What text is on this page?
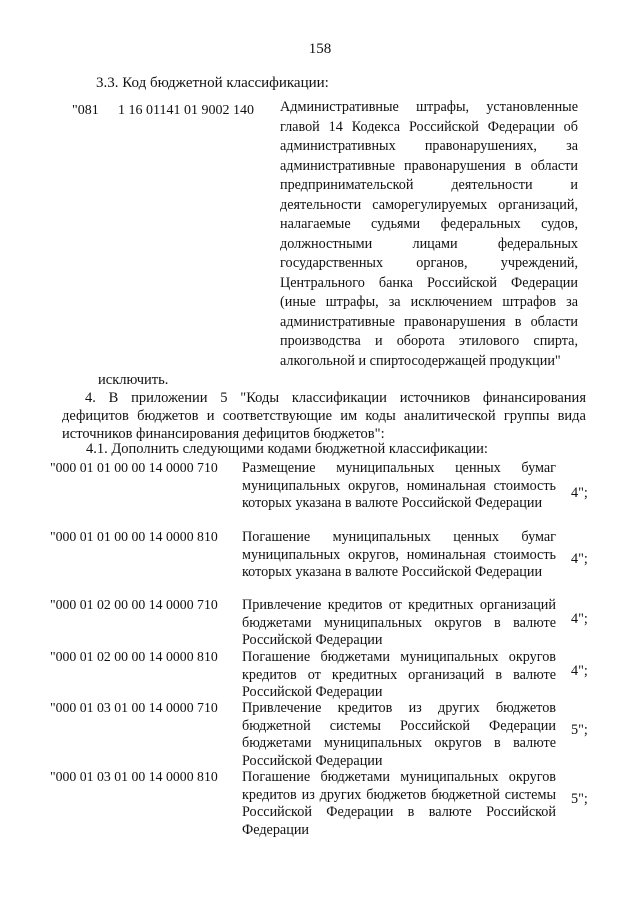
158
3.3. Код бюджетной классификации:
"081 1 16 01141 01 9002 140 Административные штрафы, установленные главой 14 Кодекса Российской Федерации об административных правонарушениях, за административные правонарушения в области предпринимательской деятельности и деятельности саморегулируемых организаций, налагаемые судьями федеральных судов, должностными лицами федеральных государственных органов, учреждений, Центрального банка Российской Федерации (иные штрафы, за исключением штрафов за административные правонарушения в области производства и оборота этилового спирта, алкогольной и спиртосодержащей продукции"
исключить.
4. В приложении 5 "Коды классификации источников финансирования дефицитов бюджетов и соответствующие им коды аналитической группы вида источников финансирования дефицитов бюджетов":
4.1. Дополнить следующими кодами бюджетной классификации:
"000 01 01 00 00 14 0000 710 Размещение муниципальных ценных бумаг муниципальных округов, номинальная стоимость которых указана в валюте Российской Федерации
4";
"000 01 01 00 00 14 0000 810 Погашение муниципальных ценных бумаг муниципальных округов, номинальная стоимость которых указана в валюте Российской Федерации
4";
"000 01 02 00 00 14 0000 710 Привлечение кредитов от кредитных организаций бюджетами муниципальных округов в валюте Российской Федерации
4";
"000 01 02 00 00 14 0000 810 Погашение бюджетами муниципальных округов кредитов от кредитных организаций в валюте Российской Федерации
4";
"000 01 03 01 00 14 0000 710 Привлечение кредитов из других бюджетов бюджетной системы Российской Федерации бюджетами муниципальных округов в валюте Российской Федерации
5";
"000 01 03 01 00 14 0000 810 Погашение бюджетами муниципальных округов кредитов из других бюджетов бюджетной системы Российской Федерации в валюте Российской Федерации
5";
